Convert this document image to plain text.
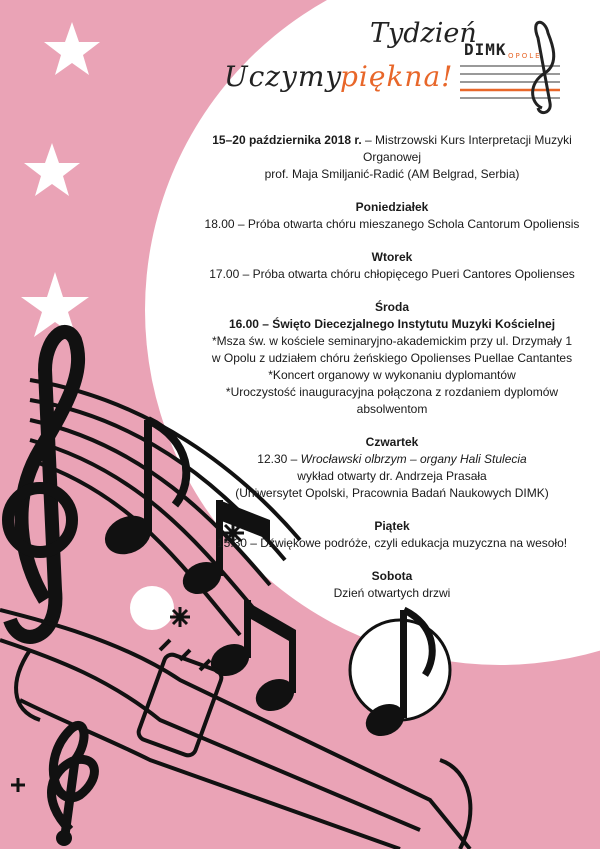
Tydzień
DIMK OPOLE
Uczymy
piękna!

15–20 października 2018 r. – Mistrzowski Kurs Interpretacji Muzyki Organowej

prof. Maja Smiljanić-Radić (AM Belgrad, Serbia)

Poniedziałek

18.00 – Próba otwarta chóru mieszanego Schola Cantorum Opoliensis

Wtorek

17.00 – Próba otwarta chóru chłopięcego Pueri Cantores Opolienses

Środa

16.00 – Święto Diecezjalnego Instytutu Muzyki Kościelnej

*Msza św. w kościele seminaryjno-akademickim przy ul. Drzymały 1

w Opolu z udziałem chóru żeńskiego Opolienses Puellae Cantantes

*Koncert organowy w wykonaniu dyplomantów

*Uroczystość inauguracyjna połączona z rozdaniem dyplomów absolwentom

Czwartek

12.30 – Wrocławski olbrzym – organy Hali Stulecia

wykład otwarty dr. Andrzeja Prasała

(Uniwersytet Opolski, Pracownia Badań Naukowych DIMK)

Piątek

15.30 – Dźwiękowe podróże, czyli edukacja muzyczna na wesoło!

Sobota

Dzień otwartych drzwi
